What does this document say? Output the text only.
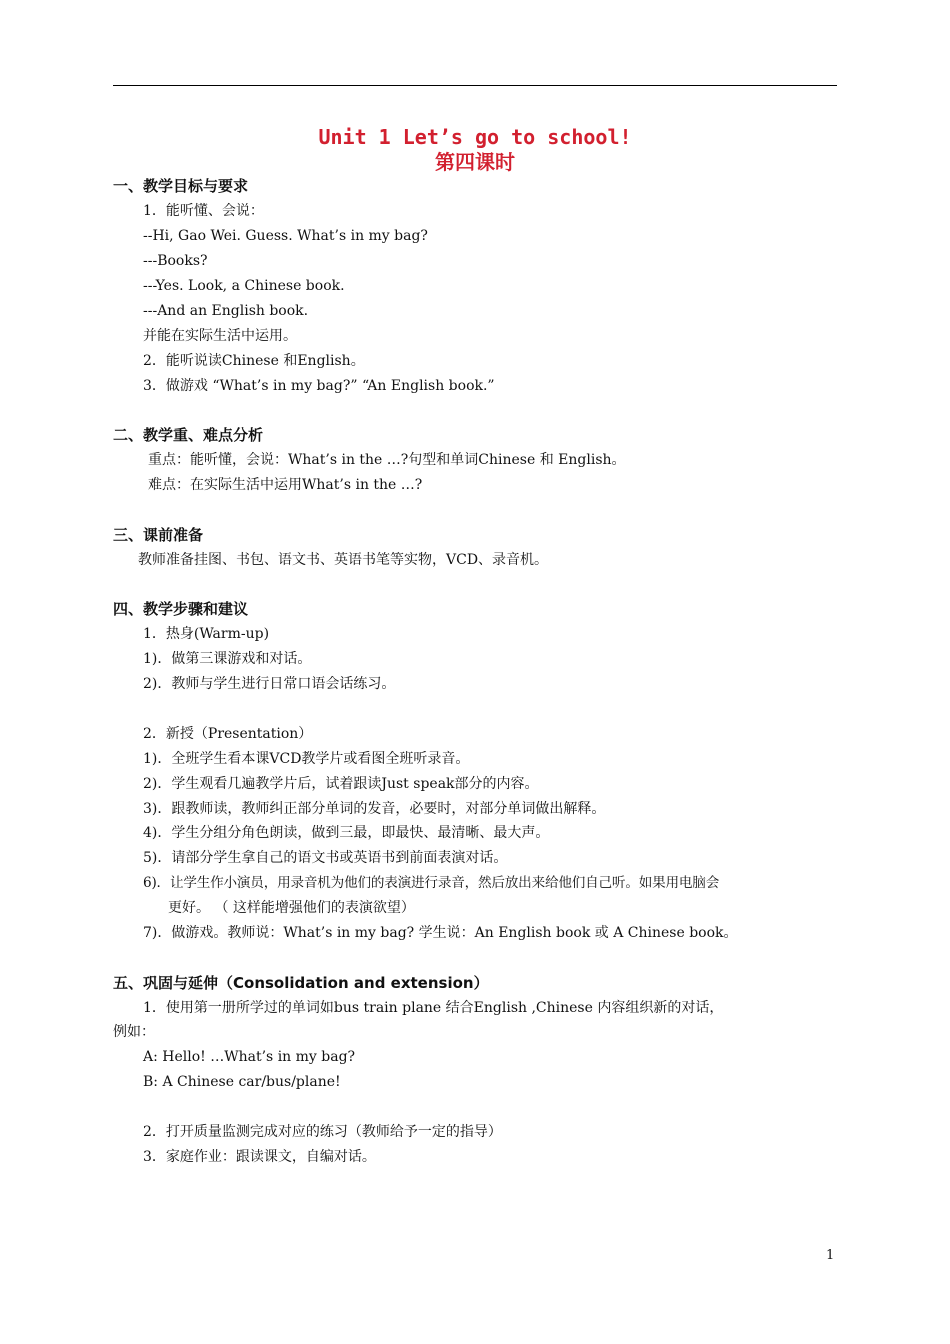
Unit 1 Let’s go to school!
第四课时
一、教学目标与要求
1．能听懂、会说：
--Hi, Gao Wei. Guess. What’s in my bag?
---Books?
---Yes. Look, a Chinese book.
---And an English book.
并能在实际生活中运用。
2．能听说读Chinese 和English。
3．做游戏 “What’s in my bag?” “An English book.”
二、教学重、难点分析
重点：能听懂，会说：What’s in the …?句型和单词Chinese 和 English。
难点：在实际生活中运用What’s in the …?
三、课前准备
教师准备挂图、书包、语文书、英语书笔等实物，VCD、录音机。
四、教学步骤和建议
1．热身(Warm-up)
1)．做第三课游戏和对话。
2)．教师与学生进行日常口语会话练习。
2．新授（Presentation）
1)．全班学生看本课VCD教学片或看图全班听录音。
2)．学生观看几遍教学片后，试着跟读Just speak部分的内容。
3)．跟教师读，教师纠正部分单词的发音，必要时，对部分单词做出解释。
4)．学生分组分角色朗读，做到三最，即最快、最清晰、最大声。
5)．请部分学生拿自己的语文书或英语书到前面表演对话。
6)．让学生作小演员，用录音机为他们的表演进行录音，然后放出来给他们自己听。如果用电脑会
更好。 （ 这样能增强他们的表演欲望）
7)．做游戏。教师说：What’s in my bag? 学生说：An English book 或 A Chinese book。
五、巩固与延伸（Consolidation and extension）
1．使用第一册所学过的单词如bus train plane 结合English ,Chinese 内容组织新的对话，
例如：
A: Hello! …What’s in my bag?
B: A Chinese car/bus/plane!
2．打开质量监测完成对应的练习（教师给予一定的指导）
3．家庭作业：跟读课文，自编对话。
1
